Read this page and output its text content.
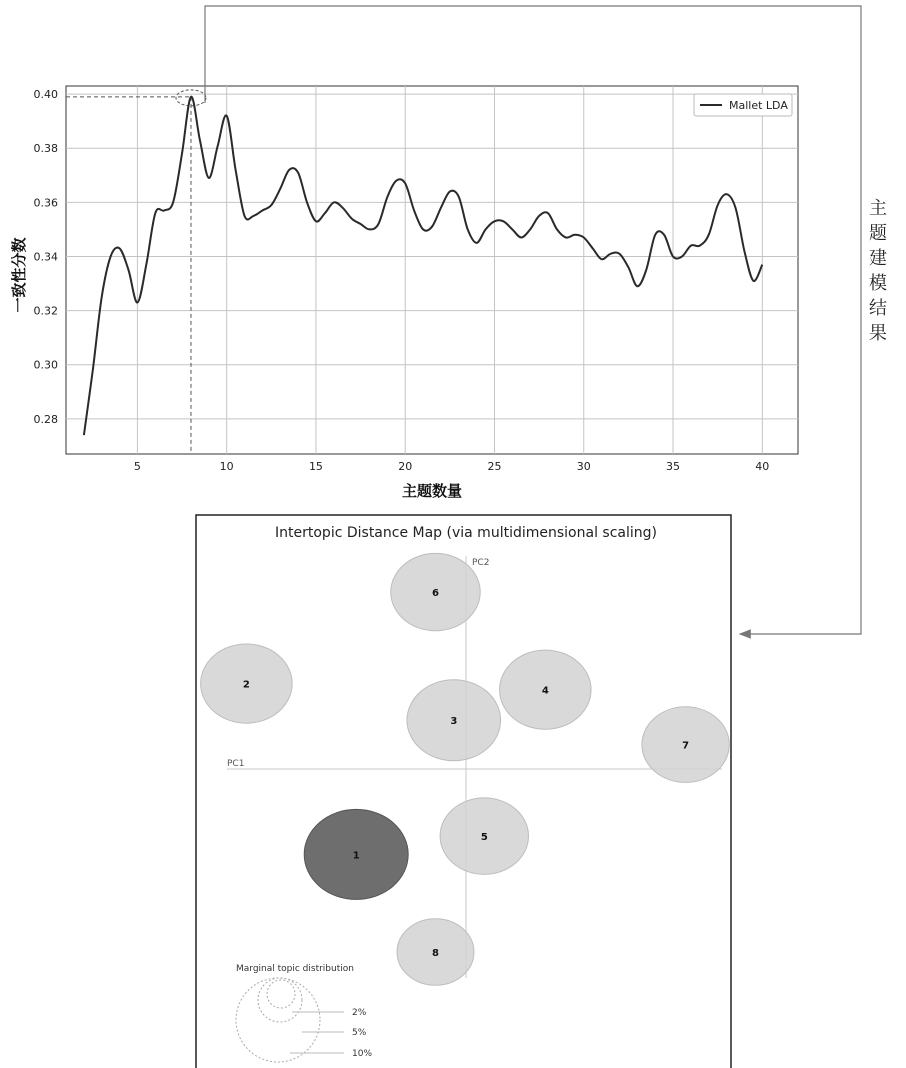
5	10	15	20	25	30	35	40
0.28
0.30
0.32
0.34
0.36
0.38
0.40
Mallet LDA
主题数量
一致性分数
主
题
建
模
结
果
Intertopic Distance Map (via multidimensional scaling)
PC1
PC2
1
2
3
4
5
6
7
8
Marginal topic distribution
2%
5%
10%
